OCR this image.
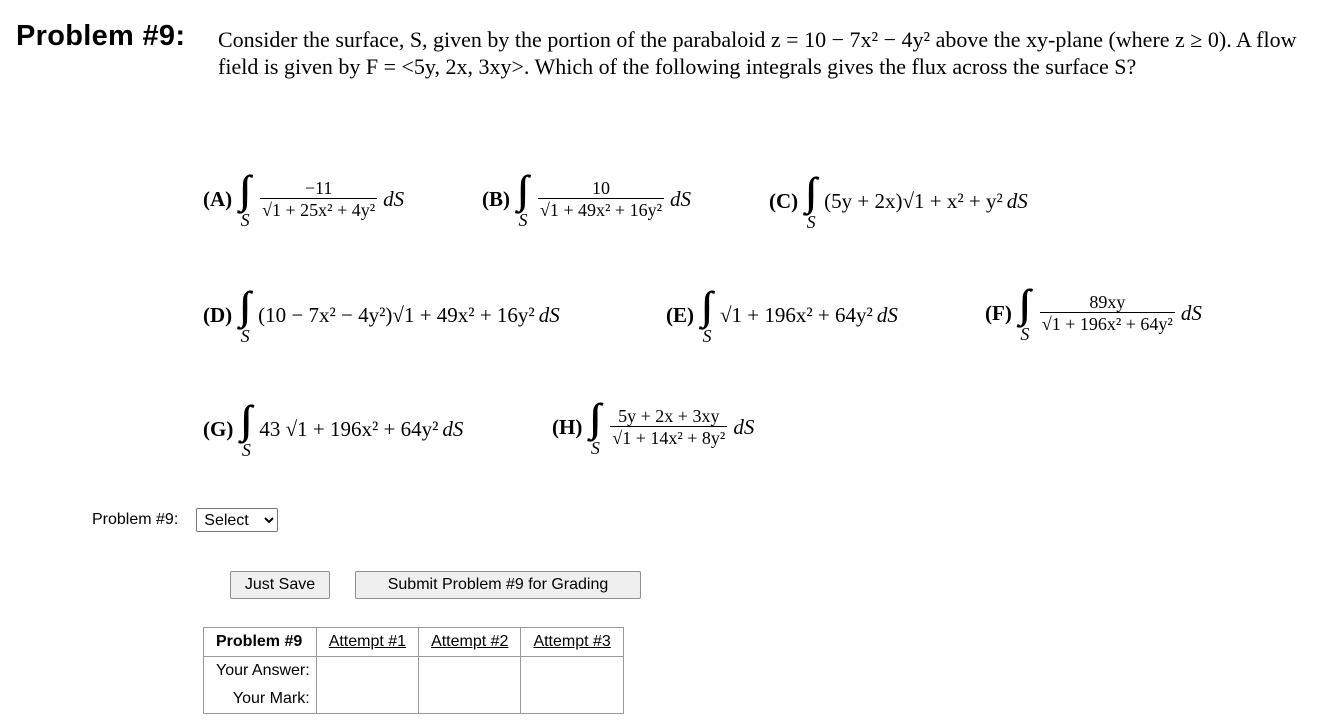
Problem #9: Consider the surface, S, given by the portion of the parabaloid z = 10 − 7x² − 4y² above the xy-plane (where z ≥ 0). A flow field is given by F = <5y, 2x, 3xy>. Which of the following integrals gives the flux across the surface S?
(A)
S $\frac{-11}{\text{√1 + 25x² + 4y²}}$ dS	(B)
S $\frac{10}{\text{√1 + 49x² + 16y²}}$ dS	(C)
S
(5y + 2x)√1 + x² + y² dS
(D)
S
(10 − 7x² − 4y²)√1 + 49x² + 16y² dS	(E)
S
√1 + 196x² + 64y² dS	(F)
S $\frac{89xy}{\text{√1 + 196x² + 64y²}}$ dS
(G)
S
43 √1 + 196x² + 64y² dS	(H)
S $\frac{5y + 2x + 3xy}{\text{√1 + 14x² + 8y²}}$ dS
Problem #9:
Select
Just Save	Submit Problem #9 for Grading
Problem #9	Attempt #1	Attempt #2	Attempt #3
Your Answer:			
Your Mark:			
